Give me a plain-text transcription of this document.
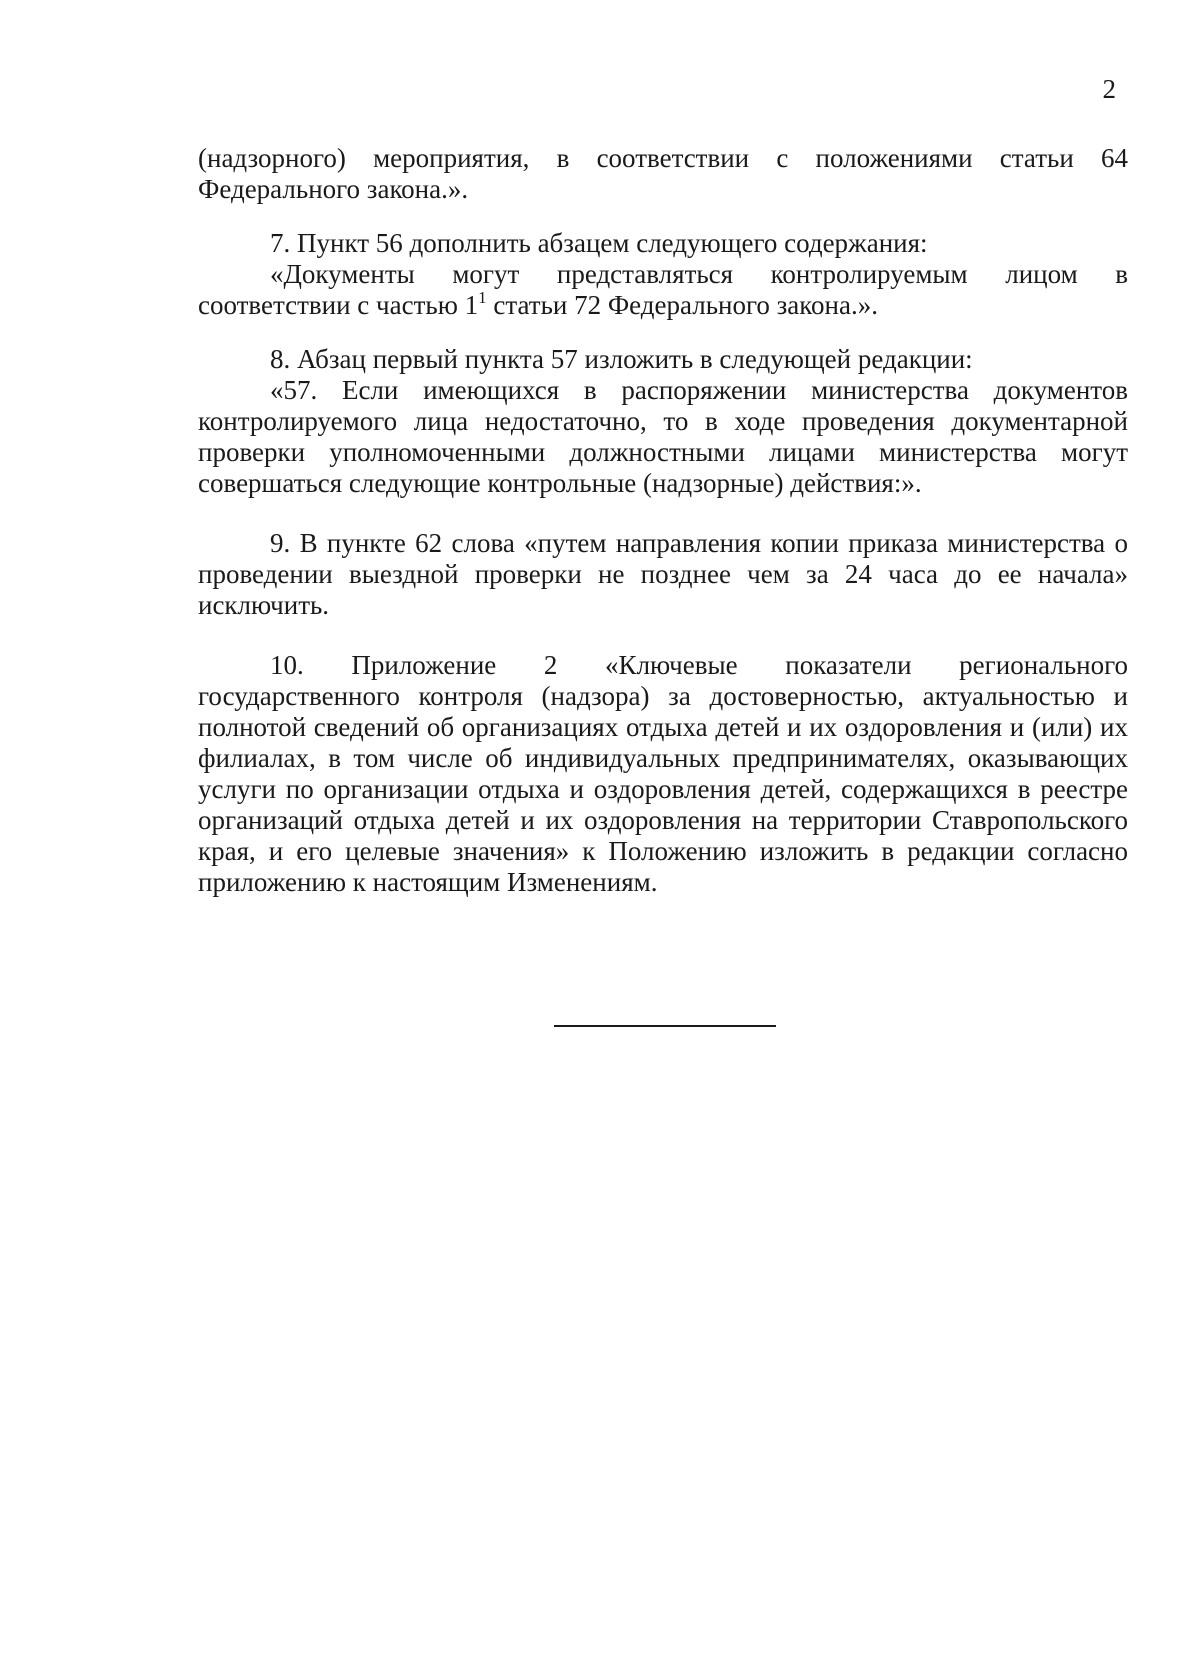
2

(надзорного) мероприятия, в соответствии с положениями статьи 64 Федерального закона.».

7. Пункт 56 дополнить абзацем следующего содержания:

«Документы могут представляться контролируемым лицом в соответствии с частью $1^1$ статьи 72 Федерального закона.».

8. Абзац первый пункта 57 изложить в следующей редакции:

«57. Если имеющихся в распоряжении министерства документов контролируемого лица недостаточно, то в ходе проведения документарной проверки уполномоченными должностными лицами министерства могут совершаться следующие контрольные (надзорные) действия:».

9. В пункте 62 слова «путем направления копии приказа министерства о проведении выездной проверки не позднее чем за 24 часа до ее начала» исключить.

10. Приложение 2 «Ключевые показатели регионального государственного контроля (надзора) за достоверностью, актуальностью и полнотой сведений об организациях отдыха детей и их оздоровления и (или) их филиалах, в том числе об индивидуальных предпринимателях, оказывающих услуги по организации отдыха и оздоровления детей, содержащихся в реестре организаций отдыха детей и их оздоровления на территории Ставропольского края, и его целевые значения» к Положению изложить в редакции согласно приложению к настоящим Изменениям.
